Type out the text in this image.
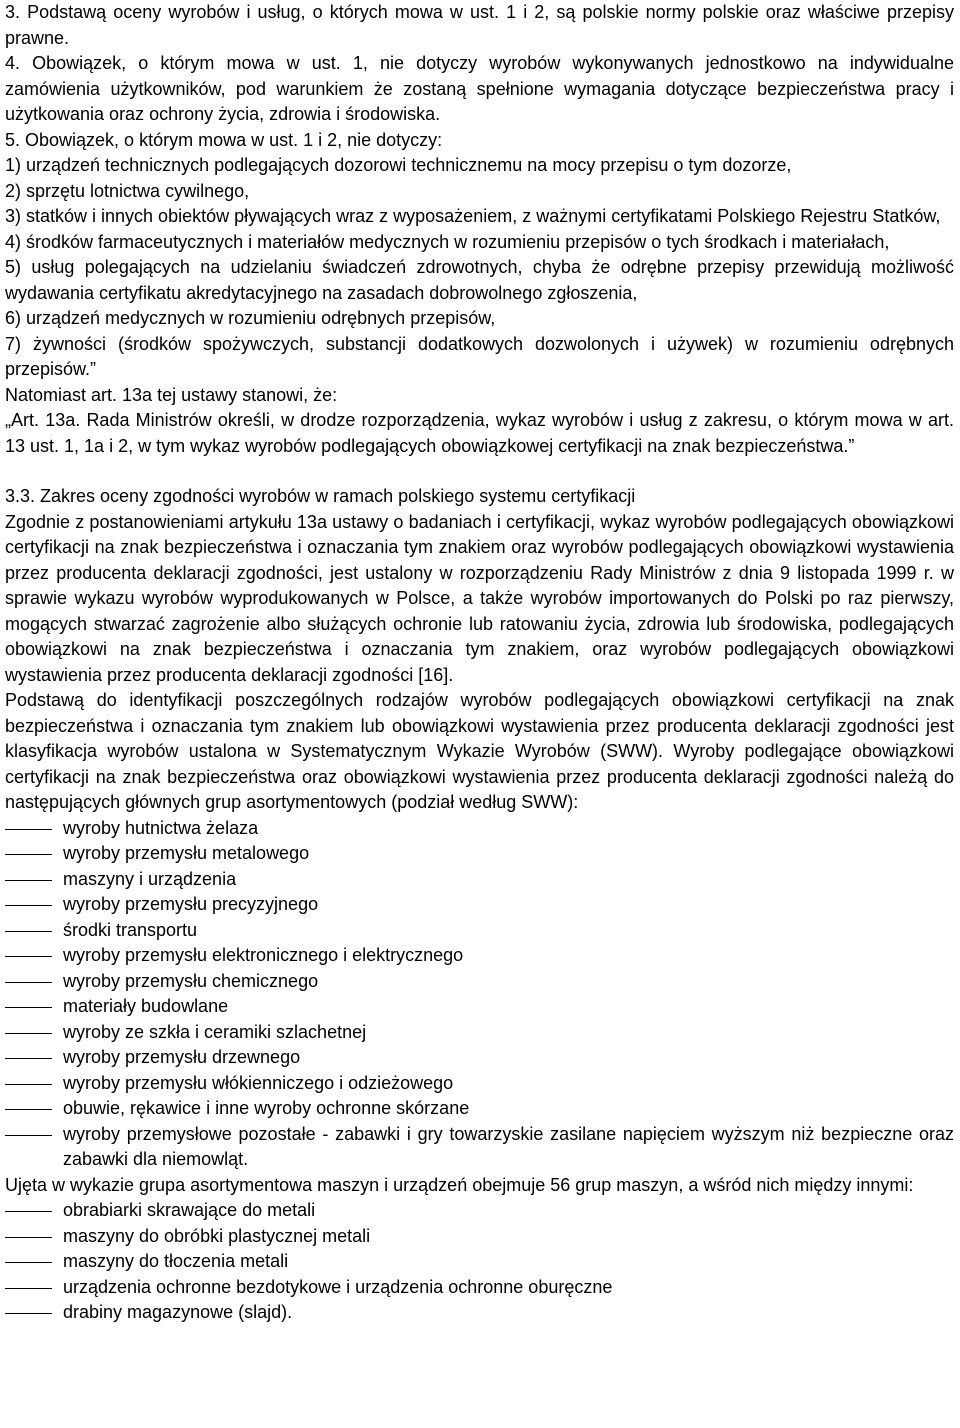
3. Podstawą oceny wyrobów i usług, o których mowa w ust. 1 i 2, są polskie normy polskie oraz właściwe przepisy prawne.

4. Obowiązek, o którym mowa w ust. 1, nie dotyczy wyrobów wykonywanych jednostkowo na indywidualne zamówienia użytkowników, pod warunkiem że zostaną spełnione wymagania dotyczące bezpieczeństwa pracy i użytkowania oraz ochrony życia, zdrowia i środowiska.

5. Obowiązek, o którym mowa w ust. 1 i 2, nie dotyczy:

1) urządzeń technicznych podlegających dozorowi technicznemu na mocy przepisu o tym dozorze,

2) sprzętu lotnictwa cywilnego,

3) statków i innych obiektów pływających wraz z wyposażeniem, z ważnymi certyfikatami Polskiego Rejestru Statków,

4) środków farmaceutycznych i materiałów medycznych w rozumieniu przepisów o tych środkach i materiałach,

5) usług polegających na udzielaniu świadczeń zdrowotnych, chyba że odrębne przepisy przewidują możliwość wydawania certyfikatu akredytacyjnego na zasadach dobrowolnego zgłoszenia,

6) urządzeń medycznych w rozumieniu odrębnych przepisów,

7) żywności (środków spożywczych, substancji dodatkowych dozwolonych i używek) w rozumieniu odrębnych przepisów.”

Natomiast art. 13a tej ustawy stanowi, że:

„Art. 13a. Rada Ministrów określi, w drodze rozporządzenia, wykaz wyrobów i usług z zakresu, o którym mowa w art. 13 ust. 1, 1a i 2, w tym wykaz wyrobów podlegających obowiązkowej certyfikacji na znak bezpieczeństwa.”

3.3. Zakres oceny zgodności wyrobów w ramach polskiego systemu certyfikacji

Zgodnie z postanowieniami artykułu 13a ustawy o badaniach i certyfikacji, wykaz wyrobów podlegających obowiązkowi certyfikacji na znak bezpieczeństwa i oznaczania tym znakiem oraz wyrobów podlegających obowiązkowi wystawienia przez producenta deklaracji zgodności, jest ustalony w rozporządzeniu Rady Ministrów z dnia 9 listopada 1999 r. w sprawie wykazu wyrobów wyprodukowanych w Polsce, a także wyrobów importowanych do Polski po raz pierwszy, mogących stwarzać zagrożenie albo służących ochronie lub ratowaniu życia, zdrowia lub środowiska, podlegających obowiązkowi na znak bezpieczeństwa i oznaczania tym znakiem, oraz wyrobów podlegających obowiązkowi wystawienia przez producenta deklaracji zgodności [16].

Podstawą do identyfikacji poszczególnych rodzajów wyrobów podlegających obowiązkowi certyfikacji na znak bezpieczeństwa i oznaczania tym znakiem lub obowiązkowi wystawienia przez producenta deklaracji zgodności jest klasyfikacja wyrobów ustalona w Systematycznym Wykazie Wyrobów (SWW). Wyroby podlegające obowiązkowi certyfikacji na znak bezpieczeństwa oraz obowiązkowi wystawienia przez producenta deklaracji zgodności należą do następujących głównych grup asortymentowych (podział według SWW):

wyroby hutnictwa żelaza
wyroby przemysłu metalowego
maszyny i urządzenia
wyroby przemysłu precyzyjnego
środki transportu
wyroby przemysłu elektronicznego i elektrycznego
wyroby przemysłu chemicznego
materiały budowlane
wyroby ze szkła i ceramiki szlachetnej
wyroby przemysłu drzewnego
wyroby przemysłu włókienniczego i odzieżowego
obuwie, rękawice i inne wyroby ochronne skórzane
wyroby przemysłowe pozostałe - zabawki i gry towarzyskie zasilane napięciem wyższym niż bezpieczne oraz zabawki dla niemowląt.

Ujęta w wykazie grupa asortymentowa maszyn i urządzeń obejmuje 56 grup maszyn, a wśród nich między innymi:

obrabiarki skrawające do metali
maszyny do obróbki plastycznej metali
maszyny do tłoczenia metali
urządzenia ochronne bezdotykowe i urządzenia ochronne oburęczne
drabiny magazynowe (slajd).
